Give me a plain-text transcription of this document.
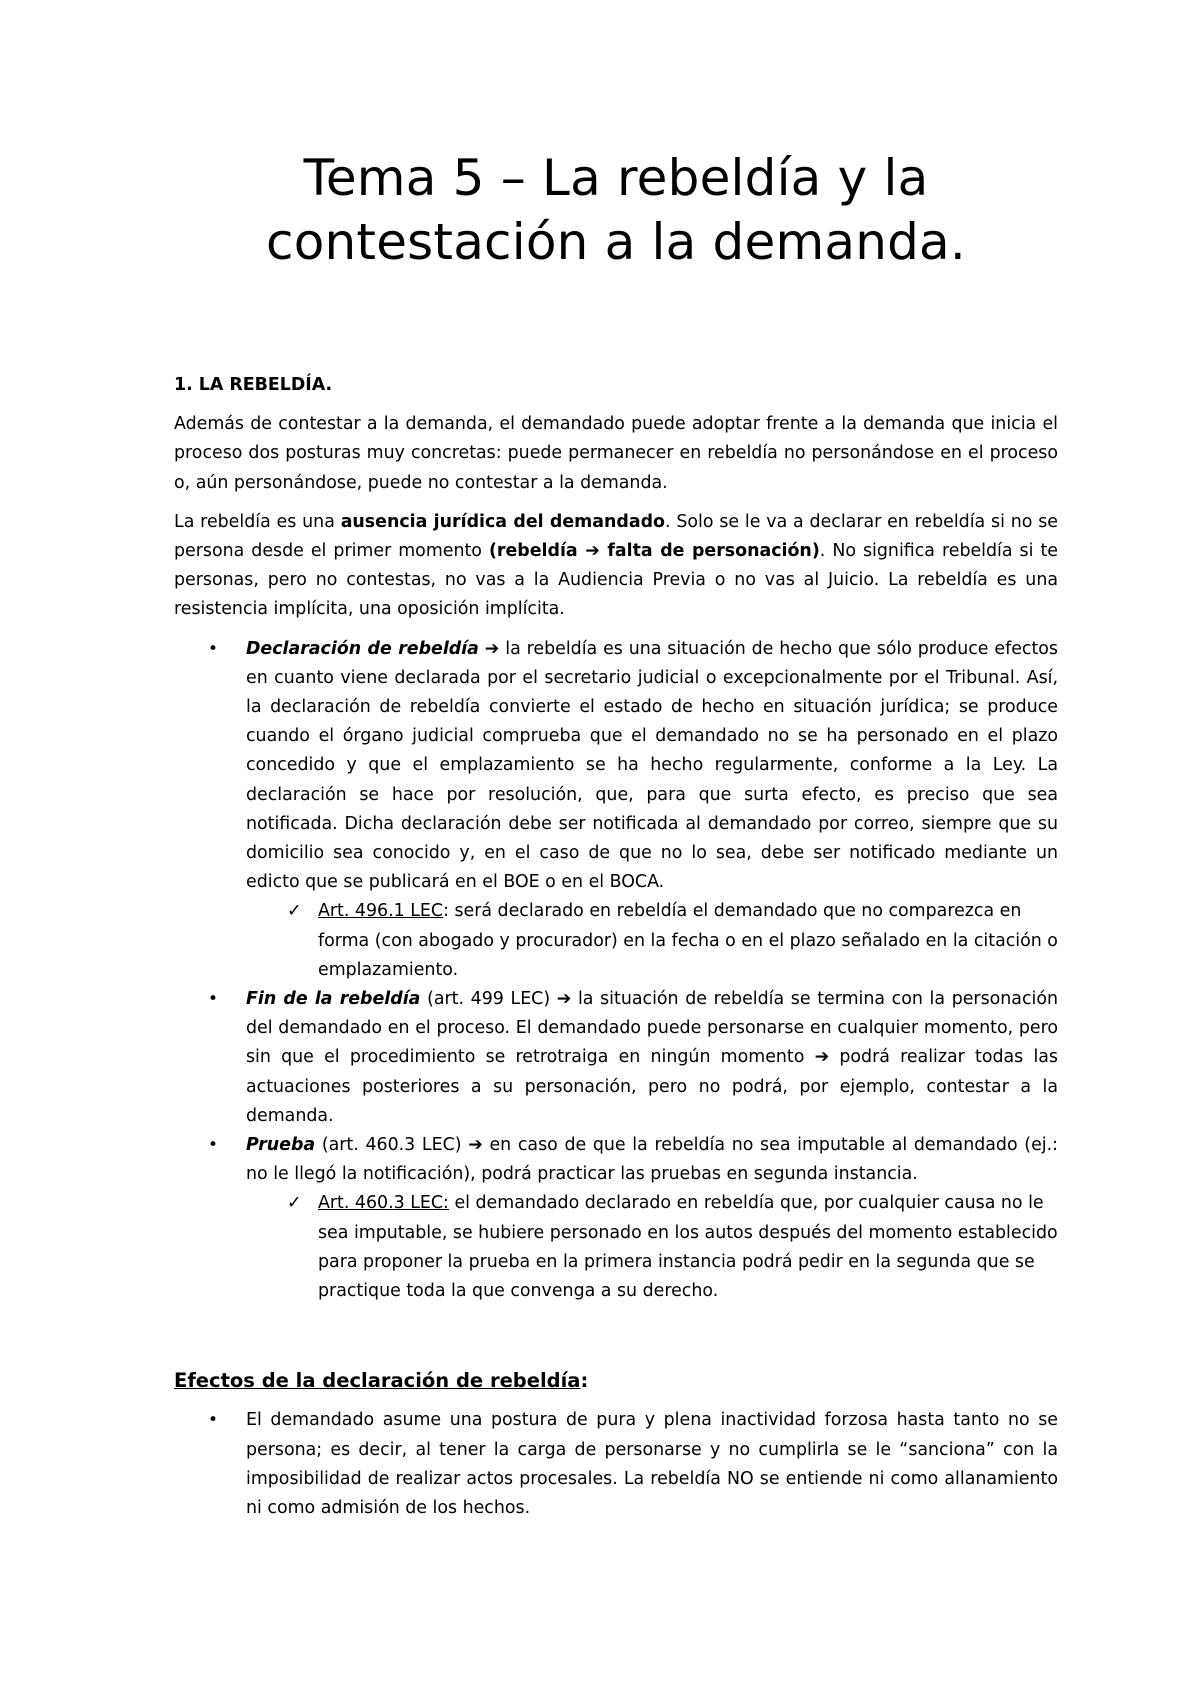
Tema 5 – La rebeldía y la
contestación a la demanda.
1. LA REBELDÍA.

Además de contestar a la demanda, el demandado puede adoptar frente a la demanda que inicia el proceso dos posturas muy concretas: puede permanecer en rebeldía no personándose en el proceso o, aún personándose, puede no contestar a la demanda.

La rebeldía es una ausencia jurídica del demandado. Solo se le va a declarar en rebeldía si no se persona desde el primer momento (rebeldía ➔ falta de personación). No significa rebeldía si te personas, pero no contestas, no vas a la Audiencia Previa o no vas al Juicio. La rebeldía es una resistencia implícita, una oposición implícita.

• Declaración de rebeldía ➔ la rebeldía es una situación de hecho que sólo produce efectos en cuanto viene declarada por el secretario judicial o excepcionalmente por el Tribunal. Así, la declaración de rebeldía convierte el estado de hecho en situación jurídica; se produce cuando el órgano judicial comprueba que el demandado no se ha personado en el plazo concedido y que el emplazamiento se ha hecho regularmente, conforme a la Ley. La declaración se hace por resolución, que, para que surta efecto, es preciso que sea notificada. Dicha declaración debe ser notificada al demandado por correo, siempre que su domicilio sea conocido y, en el caso de que no lo sea, debe ser notificado mediante un edicto que se publicará en el BOE o en el BOCA.
✓ Art. 496.1 LEC: será declarado en rebeldía el demandado que no comparezca en forma (con abogado y procurador) en la fecha o en el plazo señalado en la citación o emplazamiento.
• Fin de la rebeldía (art. 499 LEC) ➔ la situación de rebeldía se termina con la personación del demandado en el proceso. El demandado puede personarse en cualquier momento, pero sin que el procedimiento se retrotraiga en ningún momento ➔ podrá realizar todas las actuaciones posteriores a su personación, pero no podrá, por ejemplo, contestar a la demanda.
• Prueba (art. 460.3 LEC) ➔ en caso de que la rebeldía no sea imputable al demandado (ej.: no le llegó la notificación), podrá practicar las pruebas en segunda instancia.
✓ Art. 460.3 LEC: el demandado declarado en rebeldía que, por cualquier causa no le sea imputable, se hubiere personado en los autos después del momento establecido para proponer la prueba en la primera instancia podrá pedir en la segunda que se practique toda la que convenga a su derecho.
Efectos de la declaración de rebeldía:
• El demandado asume una postura de pura y plena inactividad forzosa hasta tanto no se persona; es decir, al tener la carga de personarse y no cumplirla se le “sanciona” con la imposibilidad de realizar actos procesales. La rebeldía NO se entiende ni como allanamiento ni como admisión de los hechos.
